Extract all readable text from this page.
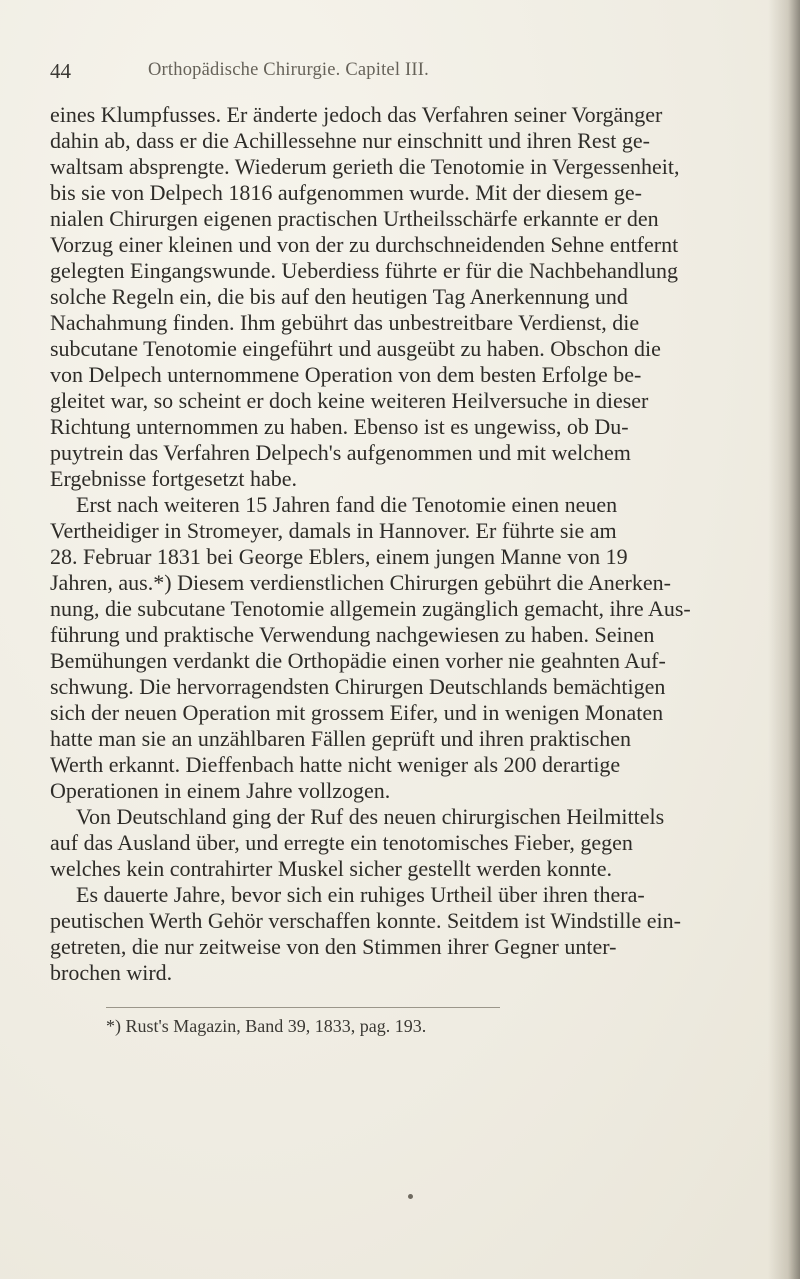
44	Orthopädische Chirurgie. Capitel III.
eines Klumpfusses. Er änderte jedoch das Verfahren seiner Vorgänger
dahin ab, dass er die Achillessehne nur einschnitt und ihren Rest ge-
waltsam absprengte. Wiederum gerieth die Tenotomie in Vergessenheit,
bis sie von Delpech 1816 aufgenommen wurde. Mit der diesem ge-
nialen Chirurgen eigenen practischen Urtheilsschärfe erkannte er den
Vorzug einer kleinen und von der zu durchschneidenden Sehne entfernt
gelegten Eingangswunde. Ueberdiess führte er für die Nachbehandlung
solche Regeln ein, die bis auf den heutigen Tag Anerkennung und
Nachahmung finden. Ihm gebührt das unbestreitbare Verdienst, die
subcutane Tenotomie eingeführt und ausgeübt zu haben. Obschon die
von Delpech unternommene Operation von dem besten Erfolge be-
gleitet war, so scheint er doch keine weiteren Heilversuche in dieser
Richtung unternommen zu haben. Ebenso ist es ungewiss, ob Du-
puytrein das Verfahren Delpech's aufgenommen und mit welchem
Ergebnisse fortgesetzt habe.
Erst nach weiteren 15 Jahren fand die Tenotomie einen neuen
Vertheidiger in Stromeyer, damals in Hannover. Er führte sie am
28. Februar 1831 bei George Eblers, einem jungen Manne von 19
Jahren, aus.*) Diesem verdienstlichen Chirurgen gebührt die Anerken-
nung, die subcutane Tenotomie allgemein zugänglich gemacht, ihre Aus-
führung und praktische Verwendung nachgewiesen zu haben. Seinen
Bemühungen verdankt die Orthopädie einen vorher nie geahnten Auf-
schwung. Die hervorragendsten Chirurgen Deutschlands bemächtigen
sich der neuen Operation mit grossem Eifer, und in wenigen Monaten
hatte man sie an unzählbaren Fällen geprüft und ihren praktischen
Werth erkannt. Dieffenbach hatte nicht weniger als 200 derartige
Operationen in einem Jahre vollzogen.
Von Deutschland ging der Ruf des neuen chirurgischen Heilmittels
auf das Ausland über, und erregte ein tenotomisches Fieber, gegen
welches kein contrahirter Muskel sicher gestellt werden konnte.
Es dauerte Jahre, bevor sich ein ruhiges Urtheil über ihren thera-
peutischen Werth Gehör verschaffen konnte. Seitdem ist Windstille ein-
getreten, die nur zeitweise von den Stimmen ihrer Gegner unter-
brochen wird.
*) Rust's Magazin, Band 39, 1833, pag. 193.
